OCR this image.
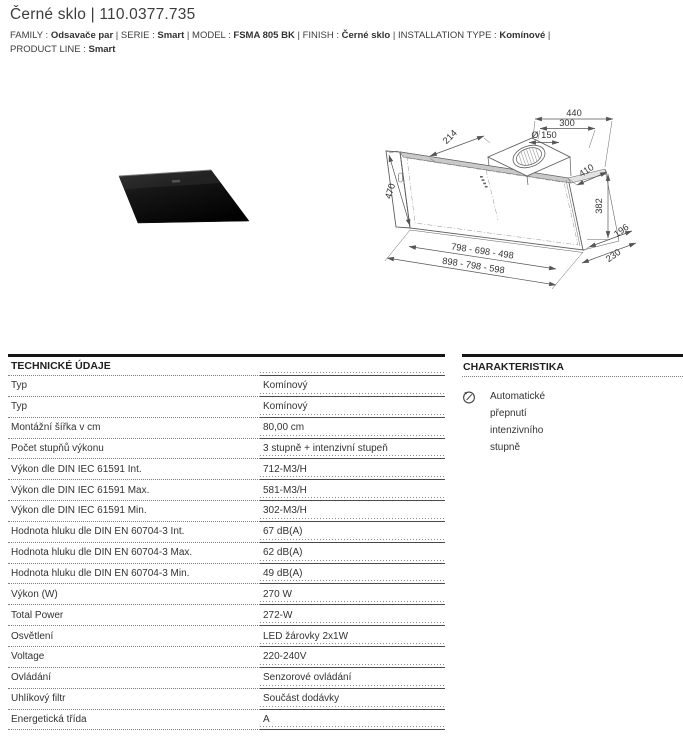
Černé sklo | 110.0377.735
FAMILY : Odsavače par | SERIE : Smart | MODEL : FSMA 805 BK | FINISH : Černé sklo | INSTALLATION TYPE : Komínové |
PRODUCT LINE : Smart
440
300
Ø 150
214
470
410
382
196
230
798 - 698 - 498
898 - 798 - 598
TECHNICKÉ ÚDAJE
Typ	Komínový
Typ	Komínový
Montážní šířka v cm	80,00 cm
Počet stupňů výkonu	3 stupně + intenzivní stupeň
Výkon dle DIN IEC 61591 Int.	712-M3/H
Výkon dle DIN IEC 61591 Max.	581-M3/H
Výkon dle DIN IEC 61591 Min.	302-M3/H
Hodnota hluku dle DIN EN 60704-3 Int.	67 dB(A)
Hodnota hluku dle DIN EN 60704-3 Max.	62 dB(A)
Hodnota hluku dle DIN EN 60704-3 Min.	49 dB(A)
Výkon (W)	270 W
Total Power	272-W
Osvětlení	LED žárovky 2x1W
Voltage	220-240V
Ovládání	Senzorové ovládání
Uhlíkový filtr	Součást dodávky
Energetická třída	A
CHARAKTERISTIKA
Automatické přepnutí intenzivního stupně
